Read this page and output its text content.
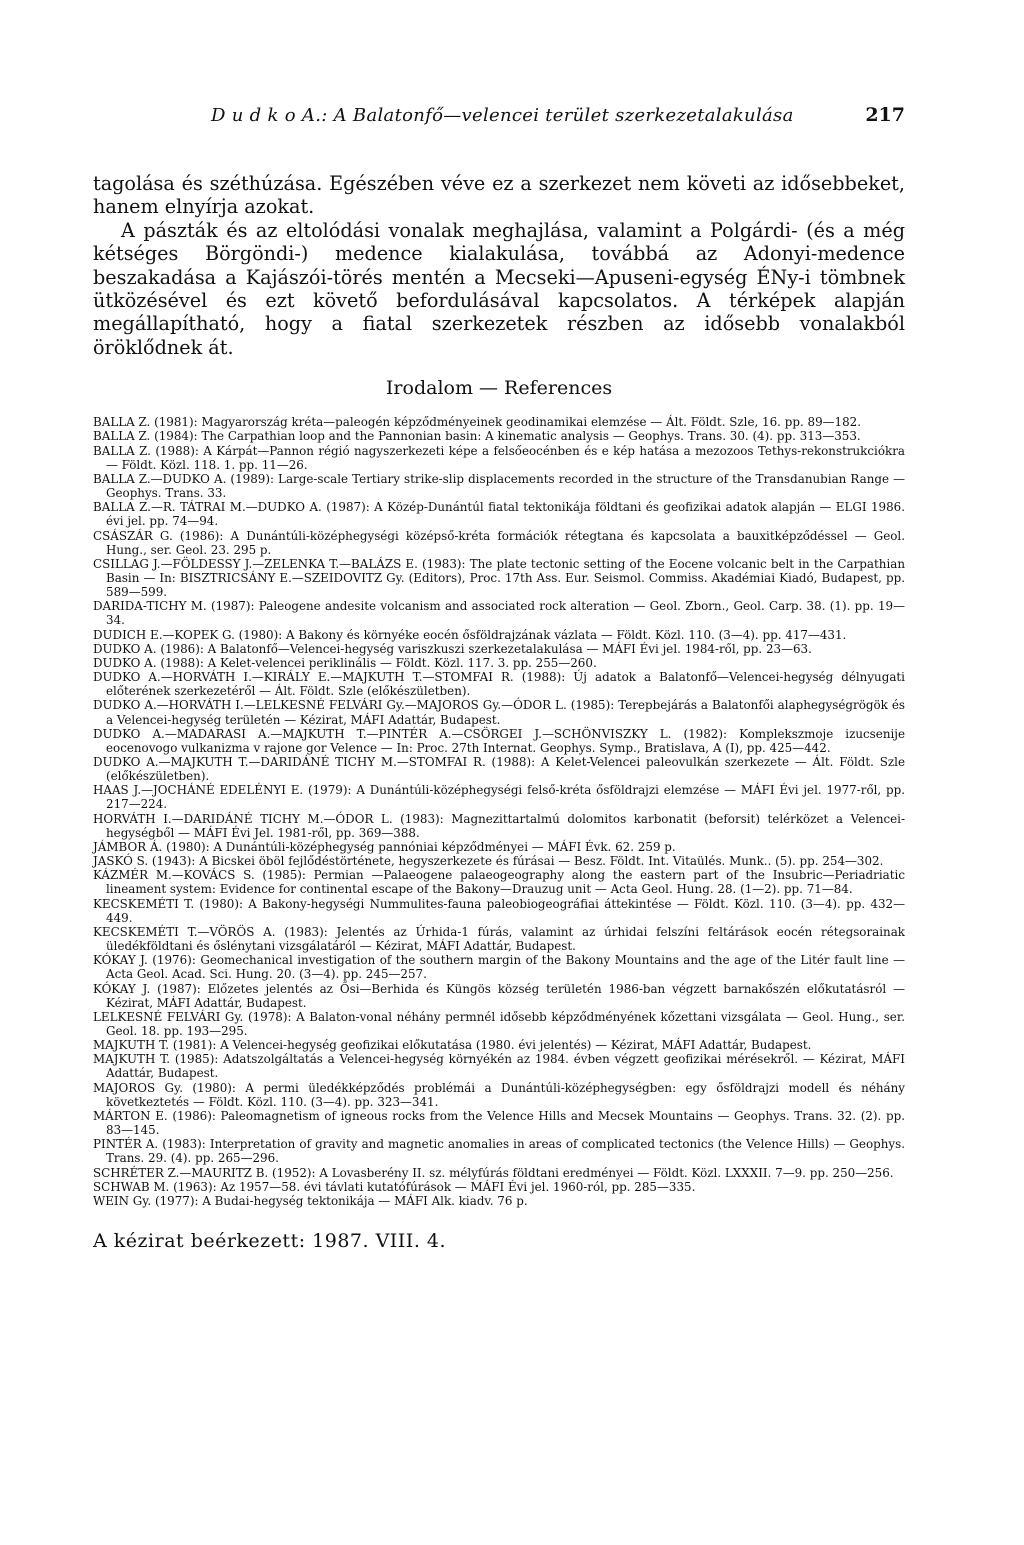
D u d k o A.: A Balatonfő—velencei terület szerkezetalakulása	217

tagolása és széthúzása. Egészében véve ez a szerkezet nem követi az idősebbeket, hanem elnyírja azokat.

A pászták és az eltolódási vonalak meghajlása, valamint a Polgárdi- (és a még kétséges Börgöndi-) medence kialakulása, továbbá az Adonyi-medence beszakadása a Kajászói-törés mentén a Mecseki—Apuseni-egység ÉNy-i tömbnek ütközésével és ezt követő befordulásával kapcsolatos. A térképek alapján megállapítható, hogy a fiatal szerkezetek részben az idősebb vonalakból öröklődnek át.

Irodalom — References

BALLA Z. (1981): Magyarország kréta—paleogén képződményeinek geodinamikai elemzése — Ált. Földt. Szle, 16. pp. 89—182.

BALLA Z. (1984): The Carpathian loop and the Pannonian basin: A kinematic analysis — Geophys. Trans. 30. (4). pp. 313—353.

BALLA Z. (1988): A Kárpát—Pannon régió nagyszerkezeti képe a felsőeocénben és e kép hatása a mezozoos Tethys-rekonstrukciókra — Földt. Közl. 118. 1. pp. 11—26.

BALLA Z.—DUDKO A. (1989): Large-scale Tertiary strike-slip displacements recorded in the structure of the Transdanubian Range — Geophys. Trans. 33.

BALLA Z.—R. TÁTRAI M.—DUDKO A. (1987): A Közép-Dunántúl fiatal tektonikája földtani és geofizikai adatok alapján — ELGI 1986. évi jel. pp. 74—94.

CSÁSZÁR G. (1986): A Dunántúli-középhegységi középső-kréta formációk rétegtana és kapcsolata a bauxitképződéssel — Geol. Hung., ser. Geol. 23. 295 p.

CSILLAG J.—FÖLDESSY J.—ZELENKA T.—BALÁZS E. (1983): The plate tectonic setting of the Eocene volcanic belt in the Carpathian Basin — In: BISZTRICSÁNY E.—SZEIDOVITZ Gy. (Editors), Proc. 17th Ass. Eur. Seismol. Commiss. Akadémiai Kiadó, Budapest, pp. 589—599.

DARIDA-TICHY M. (1987): Paleogene andesite volcanism and associated rock alteration — Geol. Zborn., Geol. Carp. 38. (1). pp. 19—34.

DUDICH E.—KOPEK G. (1980): A Bakony és környéke eocén ősföldrajzának vázlata — Földt. Közl. 110. (3—4). pp. 417—431.

DUDKO A. (1986): A Balatonfő—Velencei-hegység variszkuszi szerkezetalakulása — MÁFI Évi jel. 1984-ről, pp. 23—63.

DUDKO A. (1988): A Kelet-velencei periklinális — Földt. Közl. 117. 3. pp. 255—260.

DUDKO A.—HORVÁTH I.—KIRÁLY E.—MAJKUTH T.—STOMFAI R. (1988): Új adatok a Balatonfő—Velencei-hegység délnyugati előterének szerkezetéről — Ált. Földt. Szle (előkészületben).

DUDKO A.—HORVÁTH I.—LELKESNÉ FELVÁRI Gy.—MAJOROS Gy.—ÓDOR L. (1985): Terepbejárás a Balatonfői alaphegységrögök és a Velencei-hegység területén — Kézirat, MÁFI Adattár, Budapest.

DUDKO A.—MADARASI A.—MAJKUTH T.—PINTÉR A.—CSÖRGEI J.—SCHÖNVISZKY L. (1982): Komplekszmoje izucsenije eocenovogo vulkanizma v rajone gor Velence — In: Proc. 27th Internat. Geophys. Symp., Bratislava, A (I), pp. 425—442.

DUDKO A.—MAJKUTH T.—DARIDÁNÉ TICHY M.—STOMFAI R. (1988): A Kelet-Velencei paleovulkán szerkezete — Ált. Földt. Szle (előkészületben).

HAAS J.—JOCHÁNÉ EDELÉNYI E. (1979): A Dunántúli-középhegységi felső-kréta ősföldrajzi elemzése — MÁFI Évi jel. 1977-ről, pp. 217—224.

HORVÁTH I.—DARIDÁNÉ TICHY M.—ÓDOR L. (1983): Magnezittartalmú dolomitos karbonatit (beforsit) telérközet a Velencei-hegységből — MÁFI Évi Jel. 1981-ről, pp. 369—388.

JÁMBOR Á. (1980): A Dunántúli-középhegység pannóniai képződményei — MÁFI Évk. 62. 259 p.

JASKÓ S. (1943): A Bicskei öböl fejlődéstörténete, hegyszerkezete és fúrásai — Besz. Földt. Int. Vitaülés. Munk.. (5). pp. 254—302.

KÁZMÉR M.—KOVÁCS S. (1985): Permian —Palaeogene palaeogeography along the eastern part of the Insubric—Periadriatic lineament system: Evidence for continental escape of the Bakony—Drauzug unit — Acta Geol. Hung. 28. (1—2). pp. 71—84.

KECSKEMÉTI T. (1980): A Bakony-hegységi Nummulites-fauna paleobiogeográfiai áttekintése — Földt. Közl. 110. (3—4). pp. 432—449.

KECSKEMÉTI T.—VÖRÖS A. (1983): Jelentés az Úrhida-1 fúrás, valamint az úrhidai felszíni feltárások eocén rétegsorainak üledékföldtani és őslénytani vizsgálatáról — Kézirat, MÁFI Adattár, Budapest.

KÓKAY J. (1976): Geomechanical investigation of the southern margin of the Bakony Mountains and the age of the Litér fault line — Acta Geol. Acad. Sci. Hung. 20. (3—4). pp. 245—257.

KÓKAY J. (1987): Előzetes jelentés az Ősi—Berhida és Küngös község területén 1986-ban végzett barnakőszén előkutatásról — Kézirat, MÁFI Adattár, Budapest.

LELKESNÉ FELVÁRI Gy. (1978): A Balaton-vonal néhány permnél idősebb képződményének kőzettani vizsgálata — Geol. Hung., ser. Geol. 18. pp. 193—295.

MAJKUTH T. (1981): A Velencei-hegység geofizikai előkutatása (1980. évi jelentés) — Kézirat, MÁFI Adattár, Budapest.

MAJKUTH T. (1985): Adatszolgáltatás a Velencei-hegység környékén az 1984. évben végzett geofizikai mérésekről. — Kézirat, MÁFI Adattár, Budapest.

MAJOROS Gy. (1980): A permi üledékképződés problémái a Dunántúli-középhegységben: egy ősföldrajzi modell és néhány következtetés — Földt. Közl. 110. (3—4). pp. 323—341.

MÁRTON E. (1986): Paleomagnetism of igneous rocks from the Velence Hills and Mecsek Mountains — Geophys. Trans. 32. (2). pp. 83—145.

PINTÉR A. (1983): Interpretation of gravity and magnetic anomalies in areas of complicated tectonics (the Velence Hills) — Geophys. Trans. 29. (4). pp. 265—296.

SCHRÉTER Z.—MAURITZ B. (1952): A Lovasberény II. sz. mélyfúrás földtani eredményei — Földt. Közl. LXXXII. 7—9. pp. 250—256.

SCHWAB M. (1963): Az 1957—58. évi távlati kutatófúrások — MÁFI Évi jel. 1960-ról, pp. 285—335.

WEIN Gy. (1977): A Budai-hegység tektonikája — MÁFI Alk. kiadv. 76 p.

A kézirat beérkezett: 1987. VIII. 4.
